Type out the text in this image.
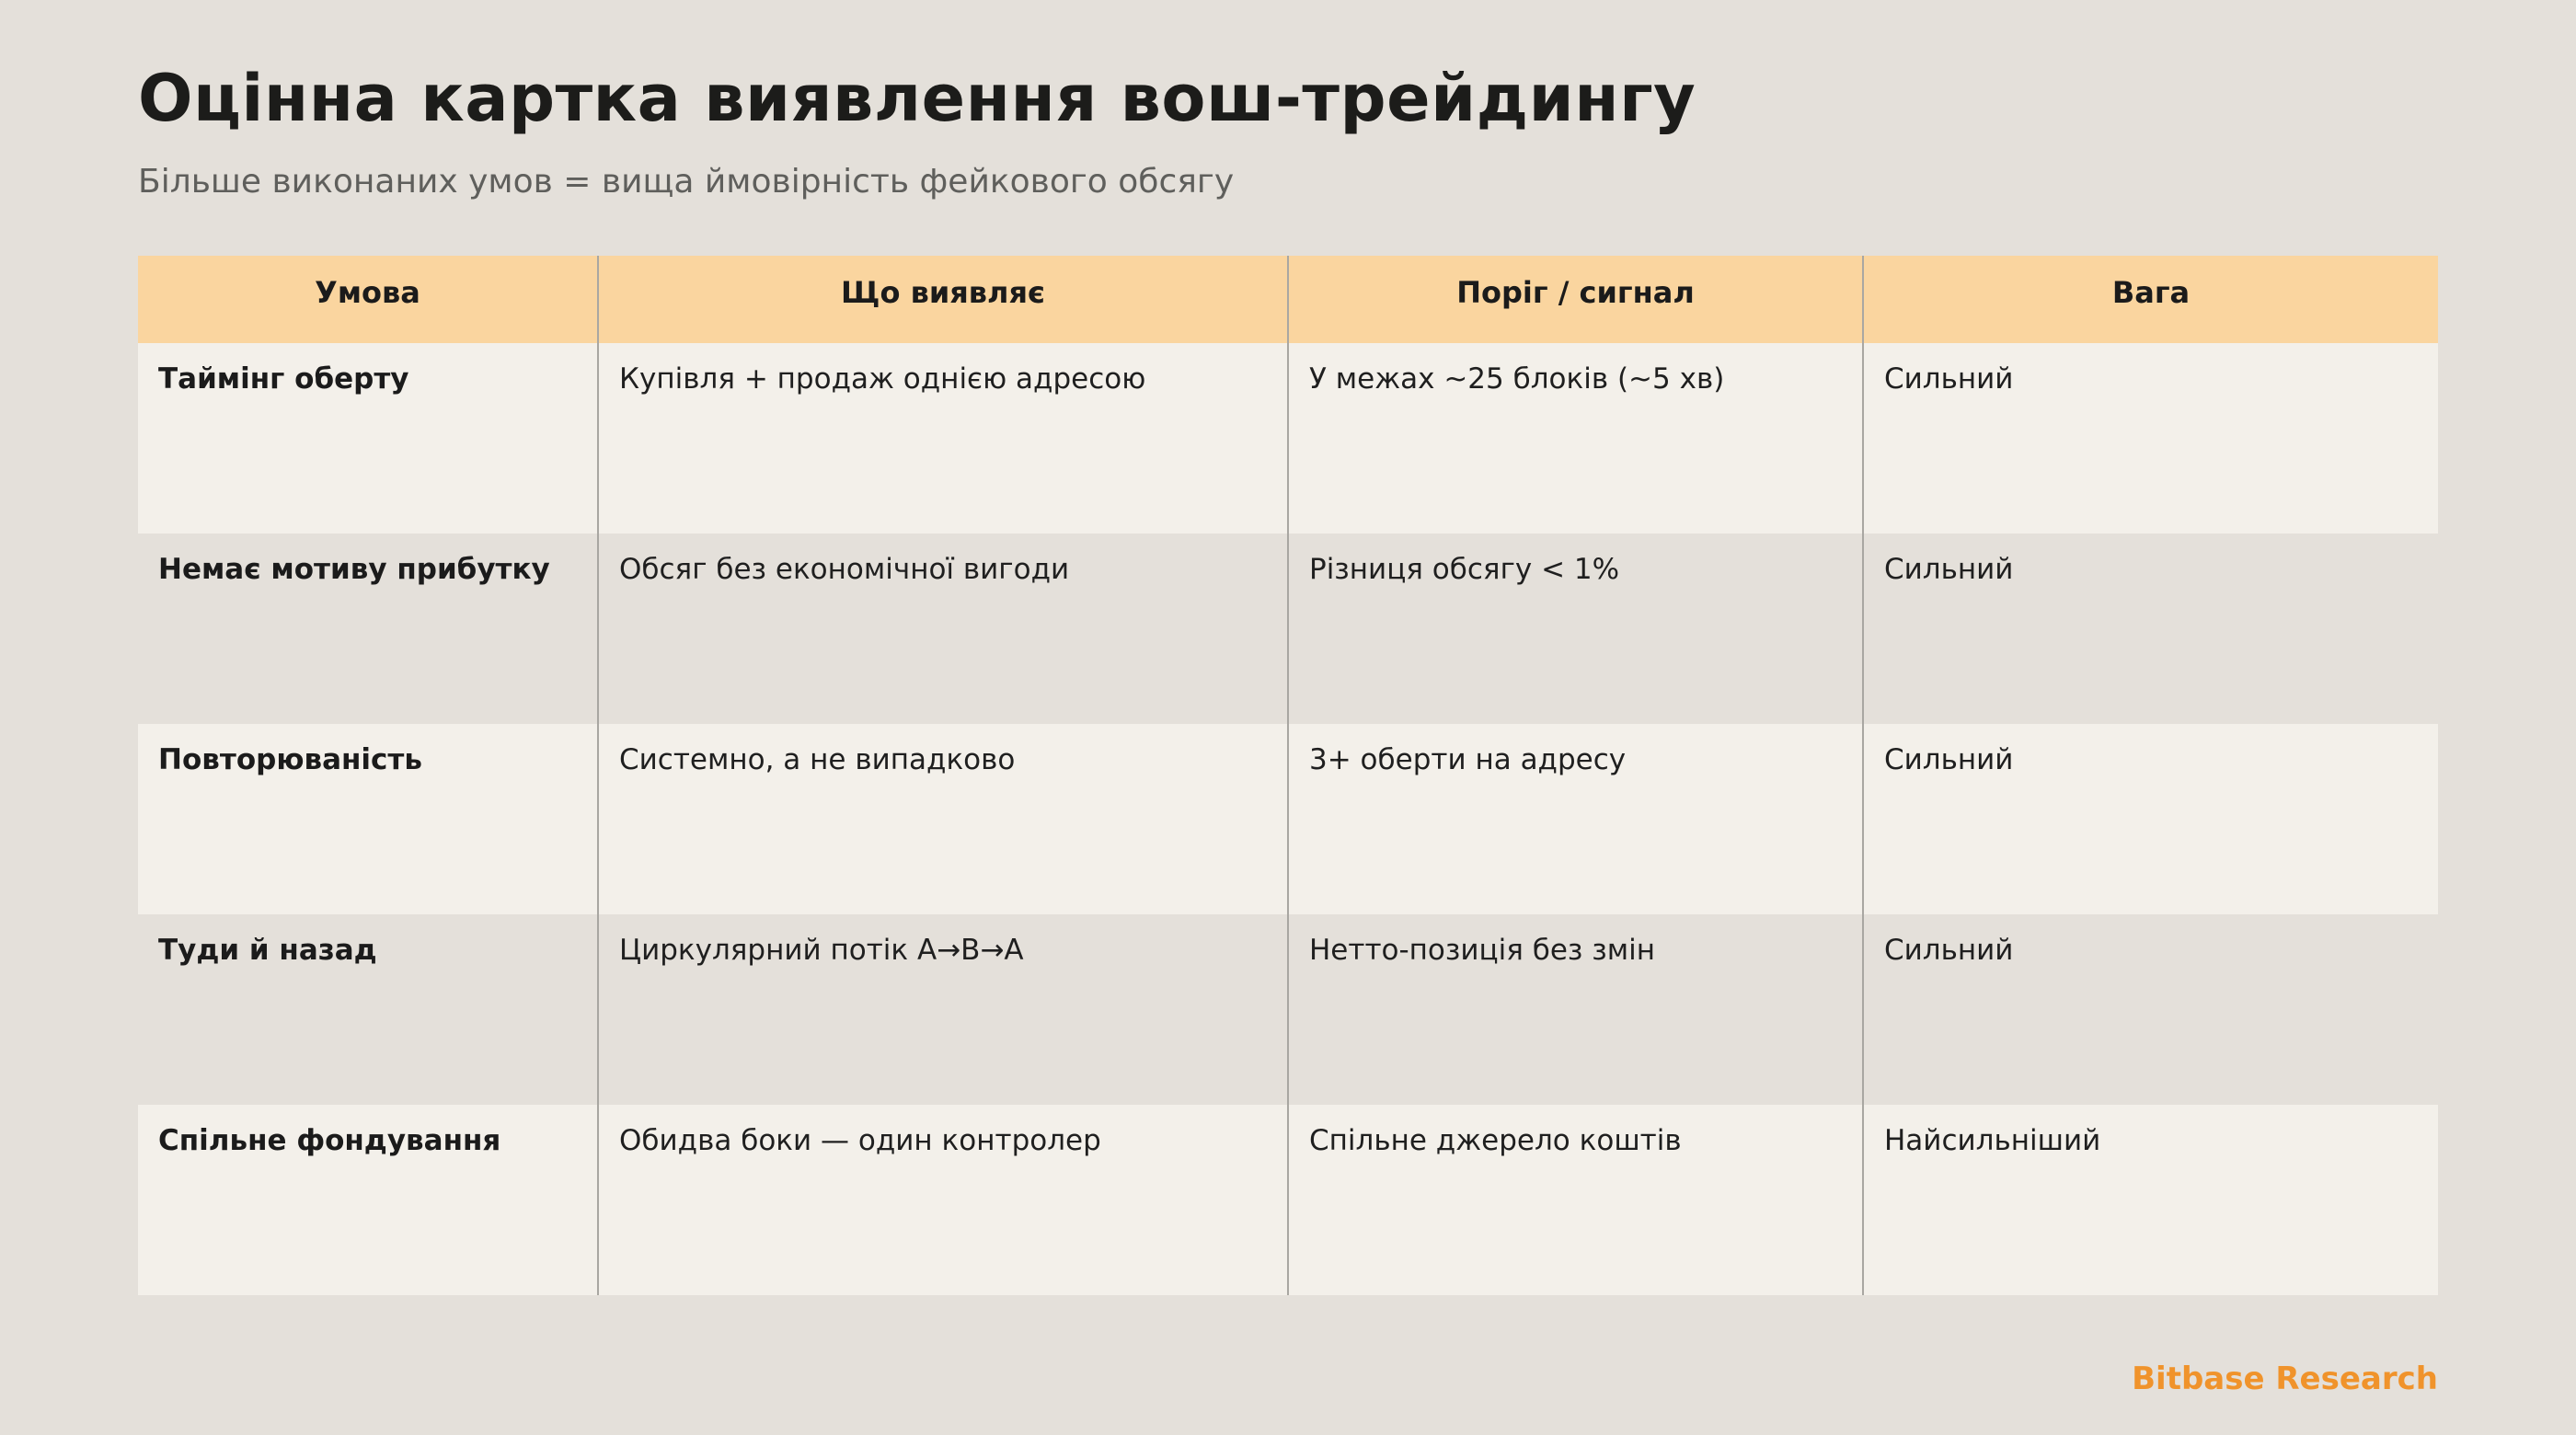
Оцінна картка виявлення вош-трейдингу

Більше виконаних умов = вища ймовірність фейкового обсягу

Умова	Що виявляє	Поріг / сигнал	Вага
Таймінг оберту	Купівля + продаж однією адресою	У межах ~25 блоків (~5 хв)	Сильний
Немає мотиву прибутку	Обсяг без економічної вигоди	Різниця обсягу < 1%	Сильний
Повторюваність	Системно, а не випадково	3+ оберти на адресу	Сильний
Туди й назад	Циркулярний потік A→B→A	Нетто-позиція без змін	Сильний
Спільне фондування	Обидва боки — один контролер	Спільне джерело коштів	Найсильніший

Bitbase Research
